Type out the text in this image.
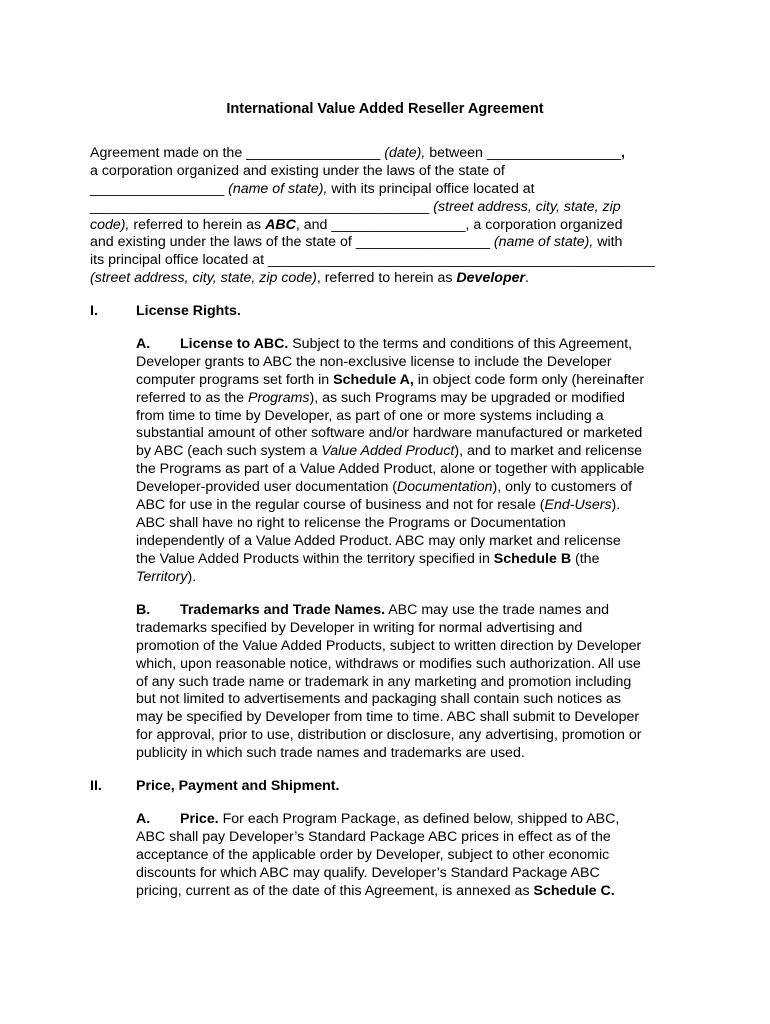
International Value Added Reseller Agreement
Agreement made on the _________________ (date), between _________________,
a corporation organized and existing under the laws of the state of
_________________ (name of state), with its principal office located at
___________________________________________ (street address, city, state, zip
code), referred to herein as ABC, and _________________, a corporation organized
and existing under the laws of the state of _________________ (name of state), with
its principal office located at _________________________________________________
(street address, city, state, zip code), referred to herein as Developer.
I.	License Rights.
A. License to ABC. Subject to the terms and conditions of this Agreement,
Developer grants to ABC the non-exclusive license to include the Developer
computer programs set forth in Schedule A, in object code form only (hereinafter
referred to as the Programs), as such Programs may be upgraded or modified
from time to time by Developer, as part of one or more systems including a
substantial amount of other software and/or hardware manufactured or marketed
by ABC (each such system a Value Added Product), and to market and relicense
the Programs as part of a Value Added Product, alone or together with applicable
Developer-provided user documentation (Documentation), only to customers of
ABC for use in the regular course of business and not for resale (End-Users).
ABC shall have no right to relicense the Programs or Documentation
independently of a Value Added Product. ABC may only market and relicense
the Value Added Products within the territory specified in Schedule B (the
Territory).
B. Trademarks and Trade Names. ABC may use the trade names and
trademarks specified by Developer in writing for normal advertising and
promotion of the Value Added Products, subject to written direction by Developer
which, upon reasonable notice, withdraws or modifies such authorization. All use
of any such trade name or trademark in any marketing and promotion including
but not limited to advertisements and packaging shall contain such notices as
may be specified by Developer from time to time. ABC shall submit to Developer
for approval, prior to use, distribution or disclosure, any advertising, promotion or
publicity in which such trade names and trademarks are used.
II. Price, Payment and Shipment.
A. Price. For each Program Package, as defined below, shipped to ABC,
ABC shall pay Developer’s Standard Package ABC prices in effect as of the
acceptance of the applicable order by Developer, subject to other economic
discounts for which ABC may qualify. Developer’s Standard Package ABC
pricing, current as of the date of this Agreement, is annexed as Schedule C.
